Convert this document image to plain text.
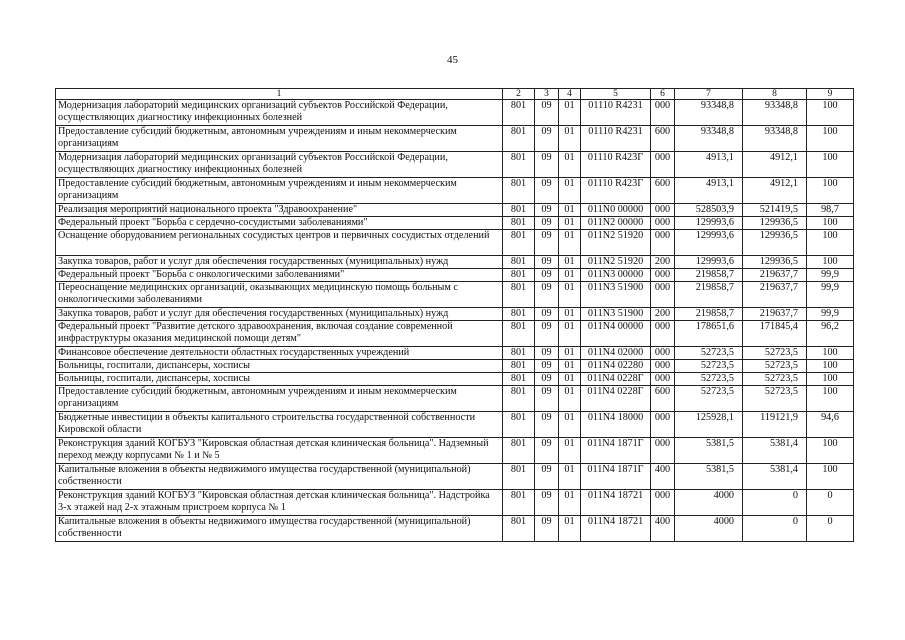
45
1	2	3	4	5	6	7	8	9
Модернизация лабораторий медицинских организаций субъектов Российской Федерации, осуществляющих диагностику инфекционных болезней	801	09	01	01110 R4231	000	93348,8	93348,8	100
Предоставление субсидий бюджетным, автономным учреждениям и иным некоммерческим организациям	801	09	01	01110 R4231	600	93348,8	93348,8	100
Модернизация лабораторий медицинских организаций субъектов Российской Федерации, осуществляющих диагностику инфекционных болезней	801	09	01	01110 R423Г	000	4913,1	4912,1	100
Предоставление субсидий бюджетным, автономным учреждениям и иным некоммерческим организациям	801	09	01	01110 R423Г	600	4913,1	4912,1	100
Реализация мероприятий национального проекта "Здравоохранение"	801	09	01	011N0 00000	000	528503,9	521419,5	98,7
Федеральный проект "Борьба с сердечно-сосудистыми заболеваниями"	801	09	01	011N2 00000	000	129993,6	129936,5	100
Оснащение оборудованием региональных сосудистых центров и первичных сосудистых отделений	801	09	01	011N2 51920	000	129993,6	129936,5	100
Закупка товаров, работ и услуг для обеспечения государственных (муниципальных) нужд	801	09	01	011N2 51920	200	129993,6	129936,5	100
Федеральный проект "Борьба с онкологическими заболеваниями"	801	09	01	011N3 00000	000	219858,7	219637,7	99,9
Переоснащение медицинских организаций, оказывающих медицинскую помощь больным с онкологическими заболеваниями	801	09	01	011N3 51900	000	219858,7	219637,7	99,9
Закупка товаров, работ и услуг для обеспечения государственных (муниципальных) нужд	801	09	01	011N3 51900	200	219858,7	219637,7	99,9
Федеральный проект "Развитие детского здравоохранения, включая создание современной инфраструктуры оказания медицинской помощи детям"	801	09	01	011N4 00000	000	178651,6	171845,4	96,2
Финансовое обеспечение деятельности областных государственных учреждений	801	09	01	011N4 02000	000	52723,5	52723,5	100
Больницы, госпитали, диспансеры, хосписы	801	09	01	011N4 02280	000	52723,5	52723,5	100
Больницы, госпитали, диспансеры, хосписы	801	09	01	011N4 0228Г	000	52723,5	52723,5	100
Предоставление субсидий бюджетным, автономным учреждениям и иным некоммерческим организациям	801	09	01	011N4 0228Г	600	52723,5	52723,5	100
Бюджетные инвестиции в объекты капитального строительства государственной собственности Кировской области	801	09	01	011N4 18000	000	125928,1	119121,9	94,6
Реконструкция зданий КОГБУЗ "Кировская областная детская клиническая больница". Надземный переход между корпусами № 1 и № 5	801	09	01	011N4 1871Г	000	5381,5	5381,4	100
Капитальные вложения в объекты недвижимого имущества государственной (муниципальной) собственности	801	09	01	011N4 1871Г	400	5381,5	5381,4	100
Реконструкция зданий КОГБУЗ "Кировская областная детская клиническая больница". Надстройка 3-х этажей над 2-х этажным пристроем корпуса № 1	801	09	01	011N4 18721	000	4000	0	0
Капитальные вложения в объекты недвижимого имущества государственной (муниципальной) собственности	801	09	01	011N4 18721	400	4000	0	0
